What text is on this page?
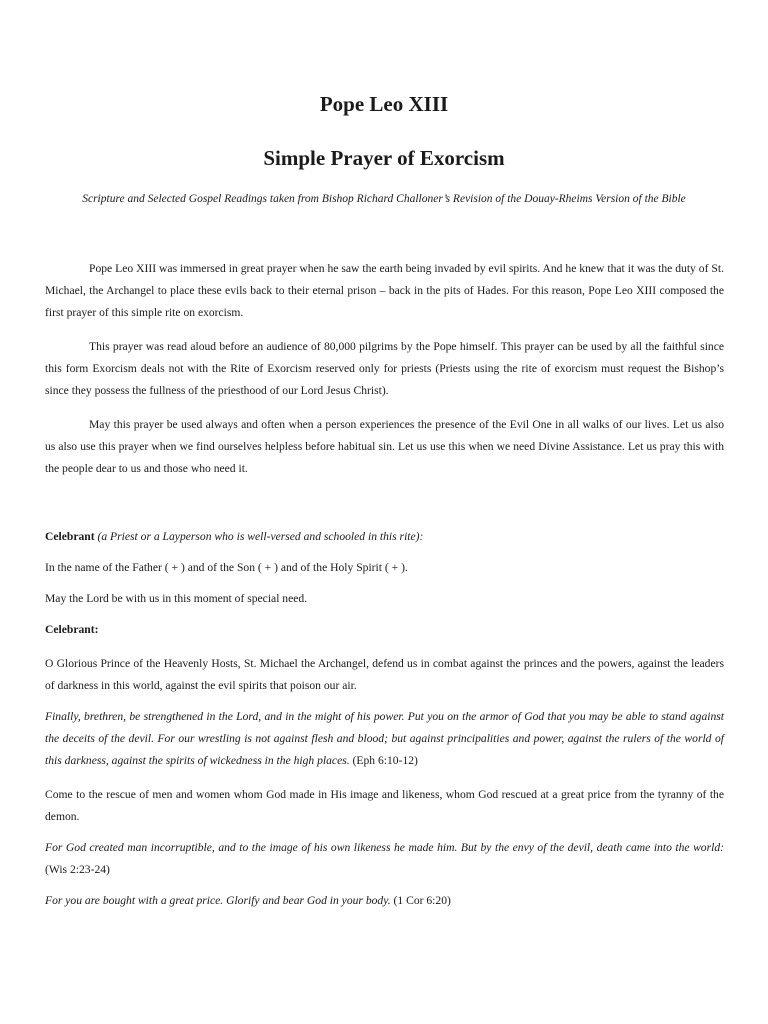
Pope Leo XIII
Simple Prayer of Exorcism

Scripture and Selected Gospel Readings taken from Bishop Richard Challoner’s Revision of the Douay-Rheims Version of the Bible

Pope Leo XIII was immersed in great prayer when he saw the earth being invaded by evil spirits. And he knew that it was the duty of St. Michael, the Archangel to place these evils back to their eternal prison – back in the pits of Hades. For this reason, Pope Leo XIII composed the first prayer of this simple rite on exorcism.

This prayer was read aloud before an audience of 80,000 pilgrims by the Pope himself. This prayer can be used by all the faithful since this form Exorcism deals not with the Rite of Exorcism reserved only for priests (Priests using the rite of exorcism must request the Bishop’s since they possess the fullness of the priesthood of our Lord Jesus Christ).

May this prayer be used always and often when a person experiences the presence of the Evil One in all walks of our lives. Let us also us also use this prayer when we find ourselves helpless before habitual sin. Let us use this when we need Divine Assistance. Let us pray this with the people dear to us and those who need it.

Celebrant (a Priest or a Layperson who is well-versed and schooled in this rite):

In the name of the Father ( + ) and of the Son ( + ) and of the Holy Spirit ( + ).

May the Lord be with us in this moment of special need.

Celebrant:

O Glorious Prince of the Heavenly Hosts, St. Michael the Archangel, defend us in combat against the princes and the powers, against the leaders of darkness in this world, against the evil spirits that poison our air.

Finally, brethren, be strengthened in the Lord, and in the might of his power. Put you on the armor of God that you may be able to stand against the deceits of the devil. For our wrestling is not against flesh and blood; but against principalities and power, against the rulers of the world of this darkness, against the spirits of wickedness in the high places. (Eph 6:10-12)

Come to the rescue of men and women whom God made in His image and likeness, whom God rescued at a great price from the tyranny of the demon.

For God created man incorruptible, and to the image of his own likeness he made him. But by the envy of the devil, death came into the world: (Wis 2:23-24)

For you are bought with a great price. Glorify and bear God in your body. (1 Cor 6:20)
